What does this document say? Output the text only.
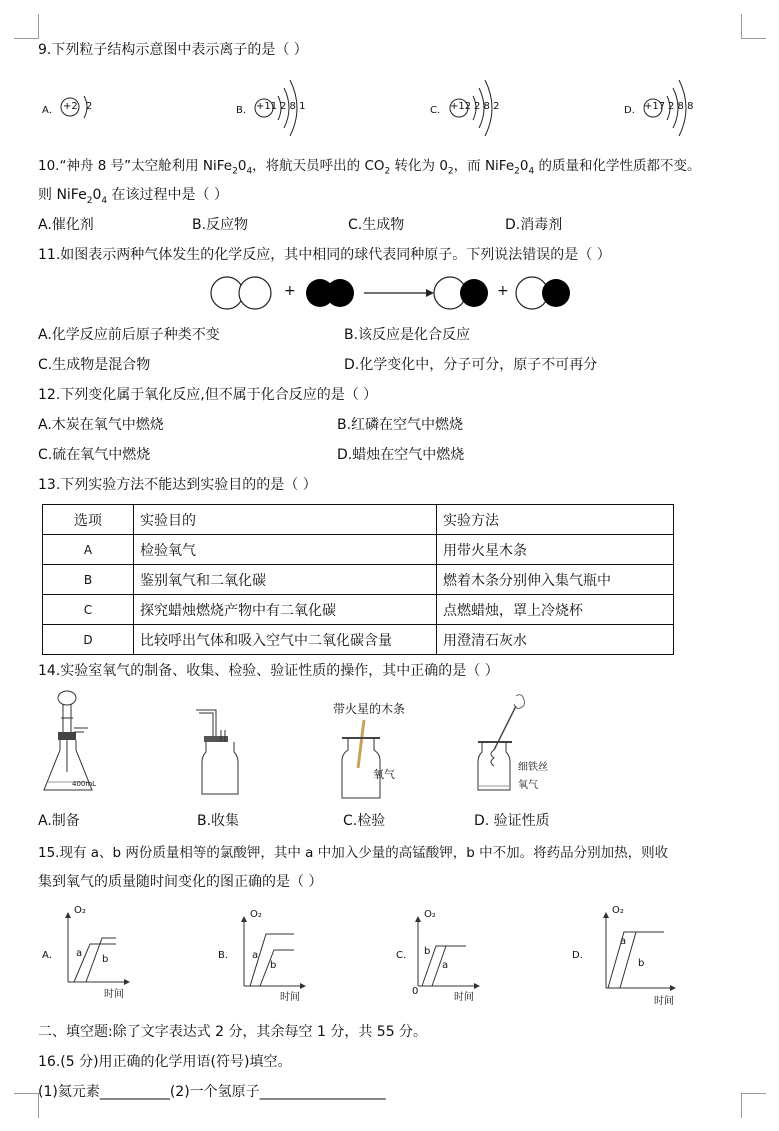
9.下列粒子结构示意图中表示离子的是（ ）
A． +2 2	B． +11 2 8 1	C． +12 2 8 2	D． +17 2 8 8
10.“神舟 8 号”太空舱利用 $NiFe_20_4$，将航天员呼出的 $CO_2$ 转化为 $0_2$，而 $NiFe_20_4$ 的质量和化学性质都不变。
则 $NiFe_20_4$ 在该过程中是（ ）
A.催化剂	B.反应物	C.生成物	D.消毒剂
11.如图表示两种气体发生的化学反应，其中相同的球代表同种原子。下列说法错误的是（ ）
+	+
A.化学反应前后原子种类不变	B.该反应是化合反应
C.生成物是混合物	D.化学变化中，分子可分，原子不可再分
12.下列变化属于氧化反应,但不属于化合反应的是（ ）
A.木炭在氧气中燃烧	B.红磷在空气中燃烧
C.硫在氧气中燃烧	D.蜡烛在空气中燃烧
13.下列实验方法不能达到实验目的的是（ ）
选项	实验目的	实验方法
A	检验氧气	用带火星木条
B	鉴别氧气和二氧化碳	燃着木条分别伸入集气瓶中
C	探究蜡烛燃烧产物中有二氧化碳	点燃蜡烛，罩上冷烧杯
D	比较呼出气体和吸入空气中二氧化碳含量	用澄清石灰水
14.实验室氧气的制备、收集、检验、验证性质的操作，其中正确的是（ ）
400mL
带火星的木条
氧气
细铁丝
氧气
A.制备	B.收集	C.检验	D. 验证性质
15.现有 a、b 两份质量相等的氯酸钾，其中 a 中加入少量的高锰酸钾，b 中不加。将药品分别加热，则收
集到氧气的质量随时间变化的图正确的是（ ）
A．
O₂
a
b
时间
B．
O₂
a
b
时间
C．
O₂
b
a
0
时间
D．
O₂
a
b
时间
二、填空题:除了文字表达式 2 分，其余每空 1 分，共 55 分。
16.(5 分)用正确的化学用语(符号)填空。
(1)氦元素__________(2)一个氢原子__________________
